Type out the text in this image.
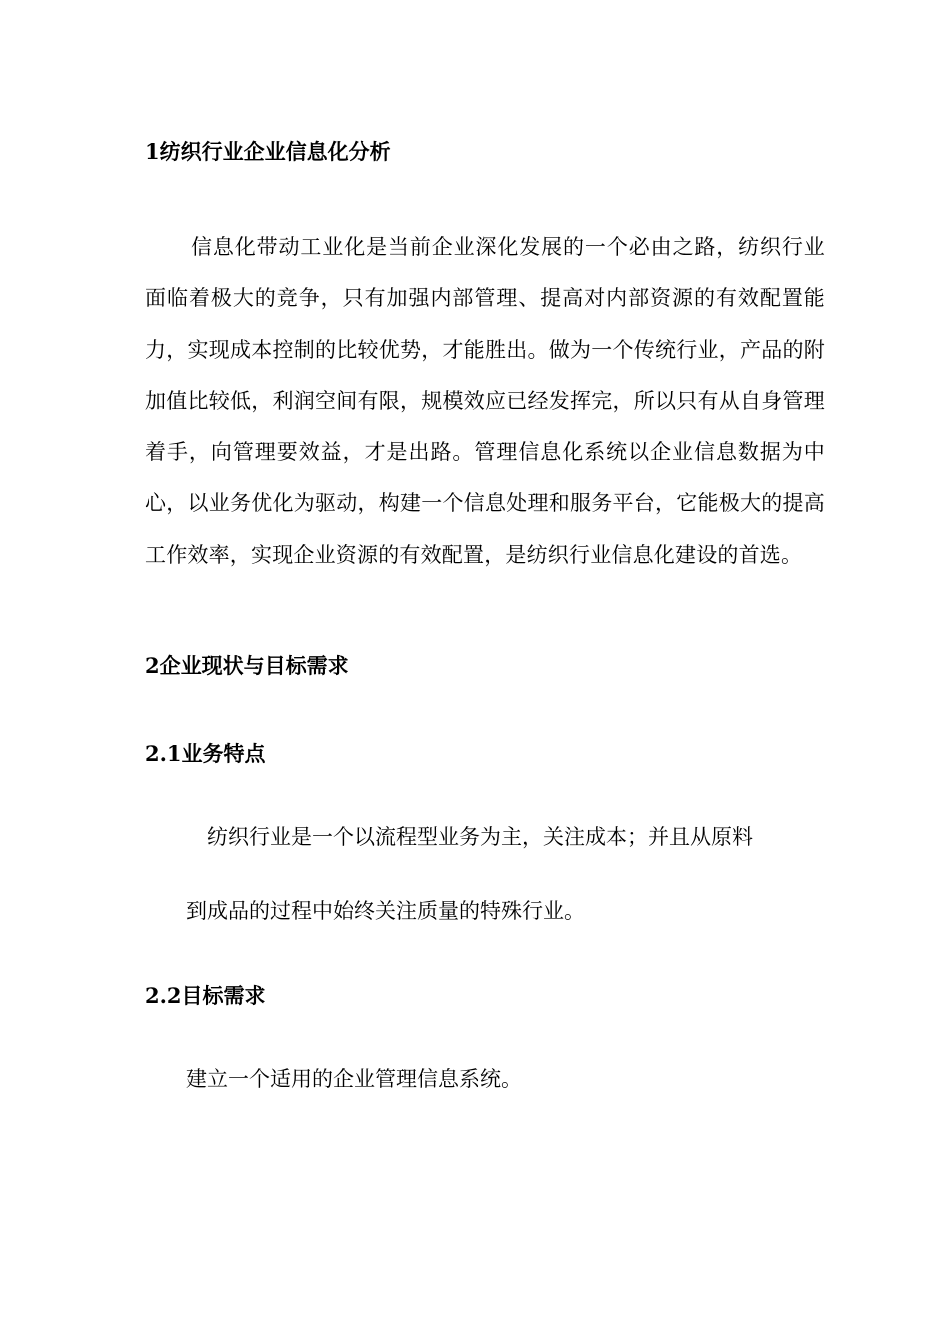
1纺织行业企业信息化分析
信息化带动工业化是当前企业深化发展的一个必由之路，纺织行业面临着极大的竞争，只有加强内部管理、提高对内部资源的有效配置能力，实现成本控制的比较优势，才能胜出。做为一个传统行业，产品的附加值比较低，利润空间有限，规模效应已经发挥完，所以只有从自身管理着手，向管理要效益，才是出路。管理信息化系统以企业信息数据为中心，以业务优化为驱动，构建一个信息处理和服务平台，它能极大的提高工作效率，实现企业资源的有效配置，是纺织行业信息化建设的首选。
2企业现状与目标需求
2.1业务特点
纺织行业是一个以流程型业务为主，关注成本；并且从原料
到成品的过程中始终关注质量的特殊行业。
2.2目标需求
建立一个适用的企业管理信息系统。
